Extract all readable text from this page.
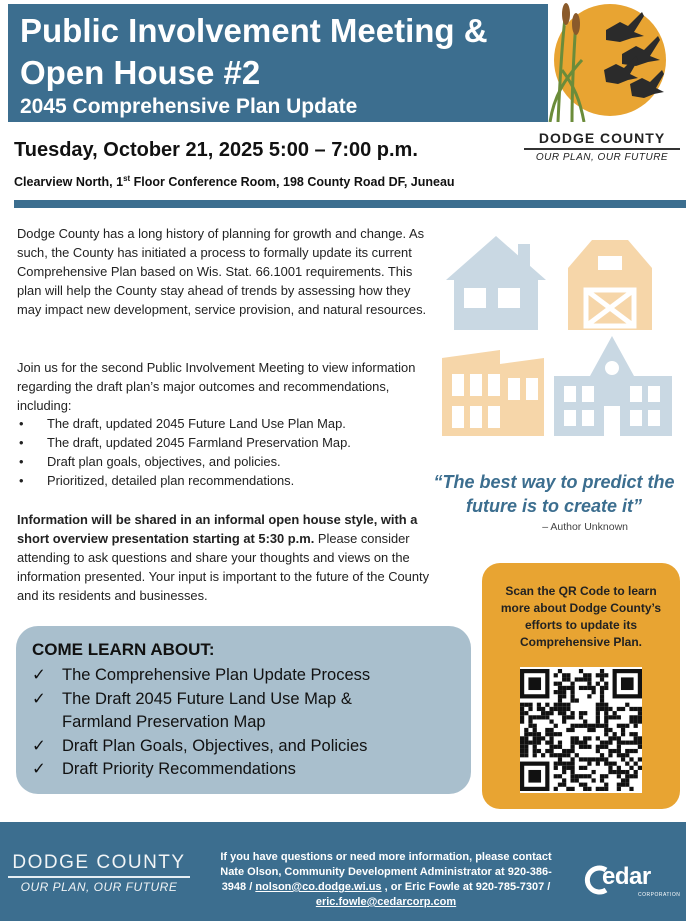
Public Involvement Meeting &
Open House #2
2045 Comprehensive Plan Update
Tuesday, October 21, 2025 5:00 – 7:00 p.m.
Clearview North, 1st Floor Conference Room, 198 County Road DF, Juneau
DODGE COUNTY
OUR PLAN, OUR FUTURE
Dodge County has a long history of planning for growth and change. As such, the County has initiated a process to formally update its current Comprehensive Plan based on Wis. Stat. 66.1001 requirements. This plan will help the County stay ahead of trends by assessing how they may impact new development, service provision, and natural resources.
Join us for the second Public Involvement Meeting to view information regarding the draft plan’s major outcomes and recommendations, including:
• The draft, updated 2045 Future Land Use Plan Map.
• The draft, updated 2045 Farmland Preservation Map.
• Draft plan goals, objectives, and policies.
• Prioritized, detailed plan recommendations.
Information will be shared in an informal open house style, with a short overview presentation starting at 5:30 p.m. Please consider attending to ask questions and share your thoughts and views on the information presented. Your input is important to the future of the County and its residents and businesses.
“The best way to predict the
future is to create it”
– Author Unknown
Scan the QR Code to learn more about Dodge County’s efforts to update its Comprehensive Plan.
COME LEARN ABOUT:
✓ The Comprehensive Plan Update Process
✓ The Draft 2045 Future Land Use Map &
Farmland Preservation Map
✓ Draft Plan Goals, Objectives, and Policies
✓ Draft Priority Recommendations
DODGE COUNTY
OUR PLAN, OUR FUTURE
If you have questions or need more information, please contact
Nate Olson, Community Development Administrator at 920-386-
3948 / nolson@co.dodge.wi.us , or Eric Fowle at 920-785-7307 /
eric.fowle@cedarcorp.com
edar
CORPORATION
